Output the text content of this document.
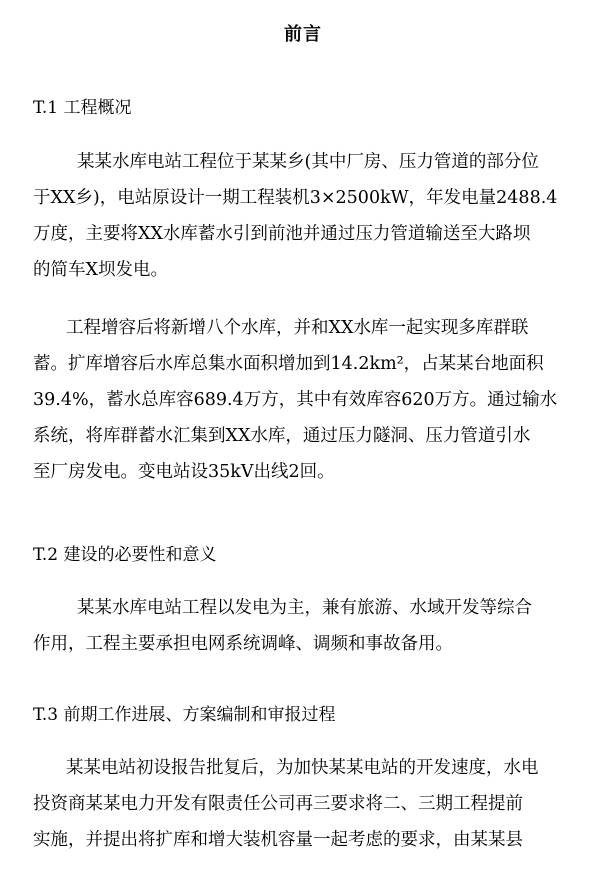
前言
T.1 工程概况
某某水库电站工程位于某某乡(其中厂房、压力管道的部分位
于XX乡)，电站原设计一期工程装机3×2500kW，年发电量2488.4
万度，主要将XX水库蓄水引到前池并通过压力管道输送至大路坝
的简车X坝发电。
工程增容后将新增八个水库，并和XX水库一起实现多库群联
蓄。扩库增容后水库总集水面积增加到14.2km²，占某某台地面积
39.4%，蓄水总库容689.4万方，其中有效库容620万方。通过输水
系统，将库群蓄水汇集到XX水库，通过压力隧洞、压力管道引水
至厂房发电。变电站设35kV出线2回。
T.2 建设的必要性和意义
某某水库电站工程以发电为主，兼有旅游、水域开发等综合
作用，工程主要承担电网系统调峰、调频和事故备用。
T.3 前期工作进展、方案编制和审报过程
某某电站初设报告批复后，为加快某某电站的开发速度，水电
投资商某某电力开发有限责任公司再三要求将二、三期工程提前
实施，并提出将扩库和增大装机容量一起考虑的要求，由某某县
